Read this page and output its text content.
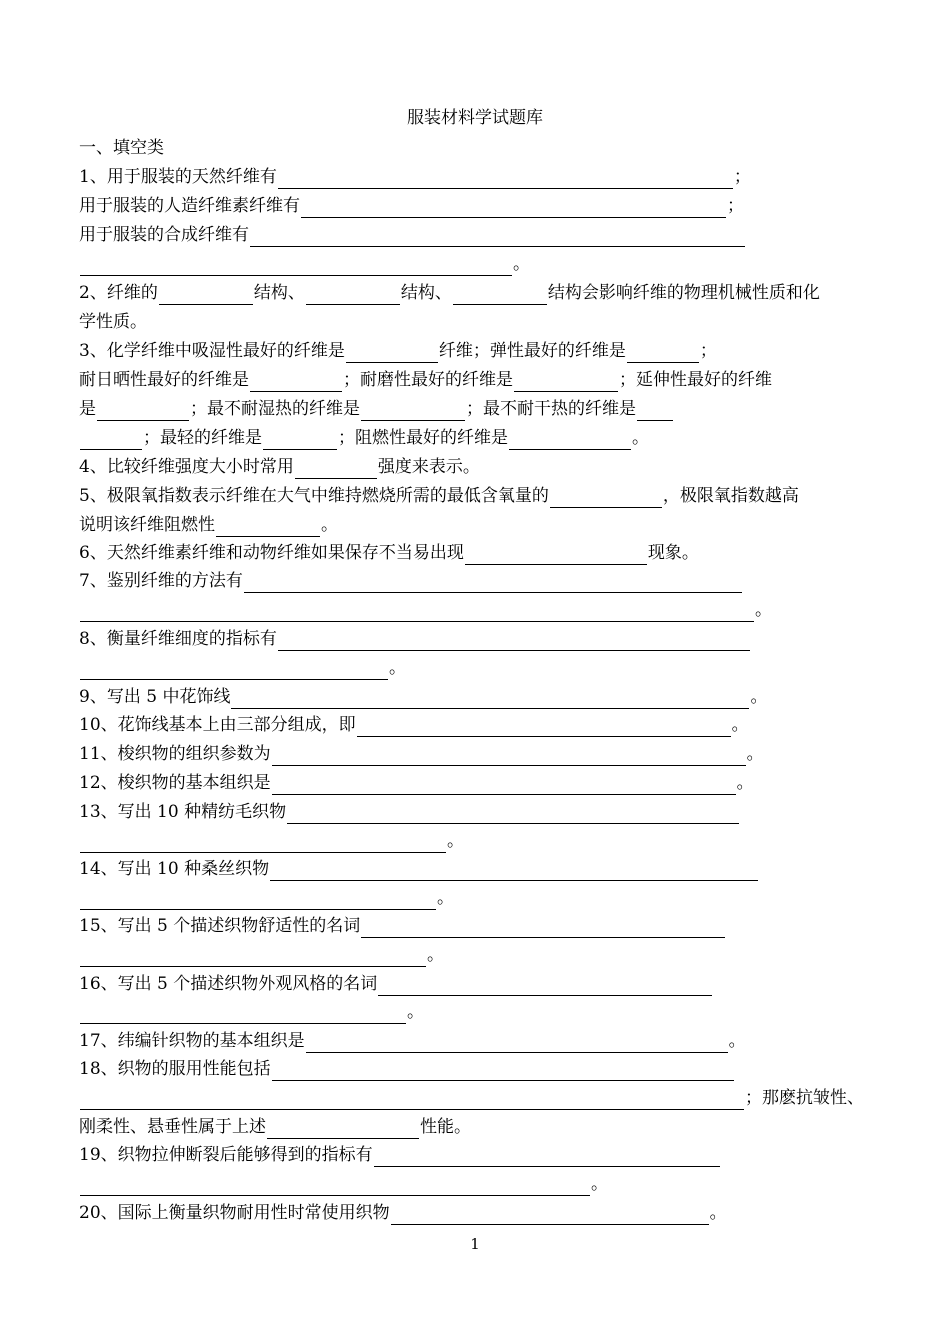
服装材料学试题库
一、填空类
1、用于服装的天然纤维有	；
用于服装的人造纤维素纤维有	；
用于服装的合成纤维有
。
2、纤维的	结构、	结构、	结构会影响纤维的物理机械性质和化
学性质。
3、化学纤维中吸湿性最好的纤维是	纤维；弹性最好的纤维是	；
耐日晒性最好的纤维是	；耐磨性最好的纤维是	；延伸性最好的纤维
是	；最不耐湿热的纤维是	；最不耐干热的纤维是
；最轻的纤维是	；阻燃性最好的纤维是	。
4、比较纤维强度大小时常用	强度来表示。
5、极限氧指数表示纤维在大气中维持燃烧所需的最低含氧量的	，极限氧指数越高
说明该纤维阻燃性	。
6、天然纤维素纤维和动物纤维如果保存不当易出现	现象。
7、鉴别纤维的方法有
。
8、衡量纤维细度的指标有
。
9、写出 5 中花饰线	。
10、花饰线基本上由三部分组成，即	。
11、梭织物的组织参数为	。
12、梭织物的基本组织是	。
13、写出 10 种精纺毛织物
。
14、写出 10 种桑丝织物
。
15、写出 5 个描述织物舒适性的名词
。
16、写出 5 个描述织物外观风格的名词
。
17、纬编针织物的基本组织是	。
18、织物的服用性能包括
；那麽抗皱性、
刚柔性、悬垂性属于上述	性能。
19、织物拉伸断裂后能够得到的指标有
。
20、国际上衡量织物耐用性时常使用织物	。
1
